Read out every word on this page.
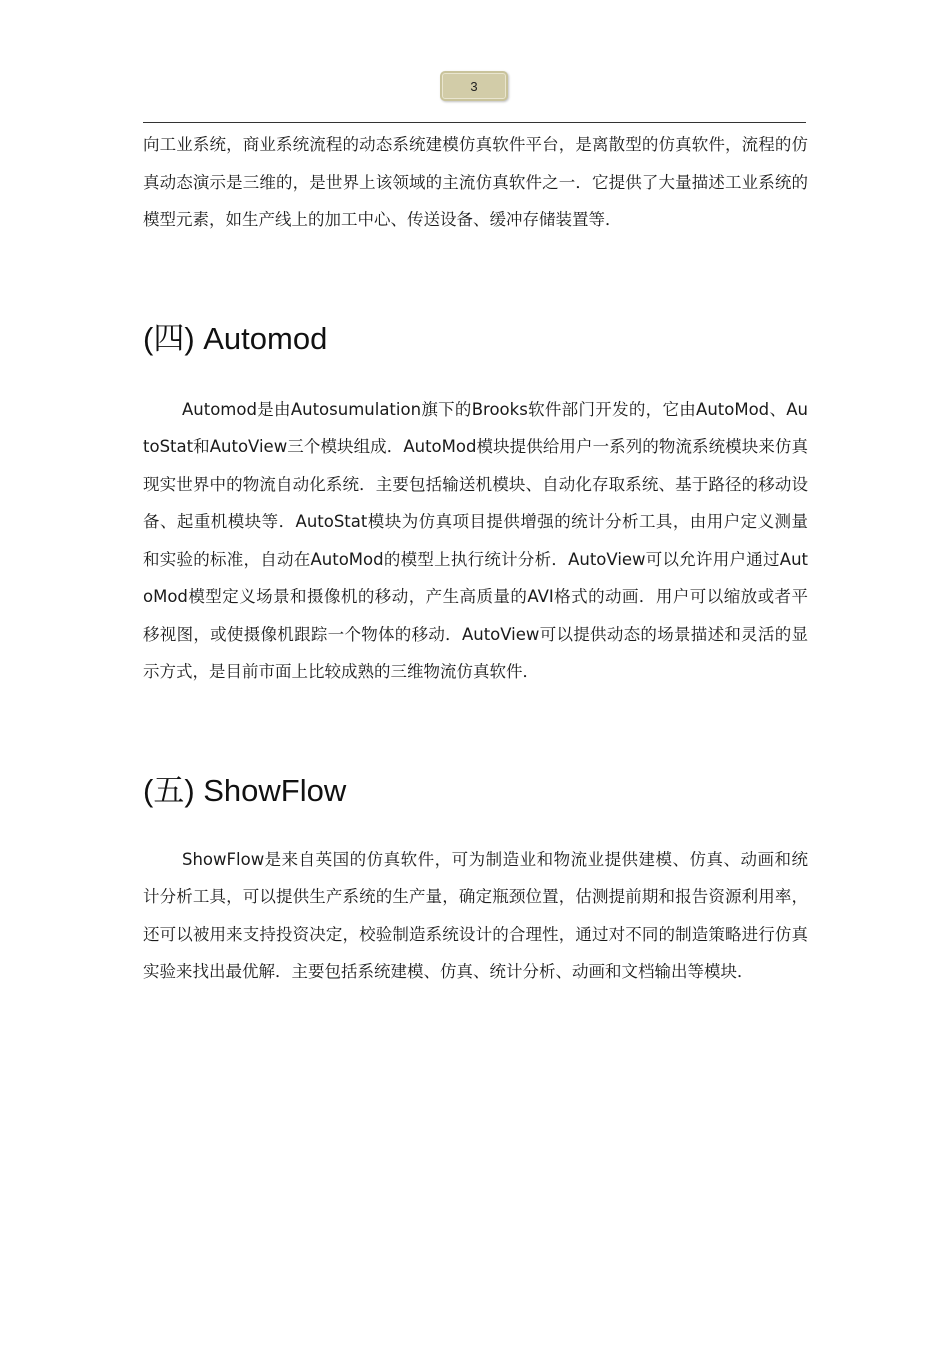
3

向工业系统，商业系统流程的动态系统建模仿真软件平台，是离散型的仿真软件，流程的仿真动态演示是三维的，是世界上该领域的主流仿真软件之一．它提供了大量描述工业系统的模型元素，如生产线上的加工中心、传送设备、缓冲存储装置等．

(四) Automod

Automod是由Autosumulation旗下的Brooks软件部门开发的，它由AutoMod、AutoStat和AutoView三个模块组成．AutoMod模块提供给用户一系列的物流系统模块来仿真现实世界中的物流自动化系统．主要包括输送机模块、自动化存取系统、基于路径的移动设备、起重机模块等．AutoStat模块为仿真项目提供增强的统计分析工具，由用户定义测量和实验的标准，自动在AutoMod的模型上执行统计分析．AutoView可以允许用户通过AutoMod模型定义场景和摄像机的移动，产生高质量的AVI格式的动画．用户可以缩放或者平移视图，或使摄像机跟踪一个物体的移动．AutoView可以提供动态的场景描述和灵活的显示方式，是目前市面上比较成熟的三维物流仿真软件．

(五) ShowFlow

ShowFlow是来自英国的仿真软件，可为制造业和物流业提供建模、仿真、动画和统计分析工具，可以提供生产系统的生产量，确定瓶颈位置，估测提前期和报告资源利用率，还可以被用来支持投资决定，校验制造系统设计的合理性，通过对不同的制造策略进行仿真实验来找出最优解．主要包括系统建模、仿真、统计分析、动画和文档输出等模块．
